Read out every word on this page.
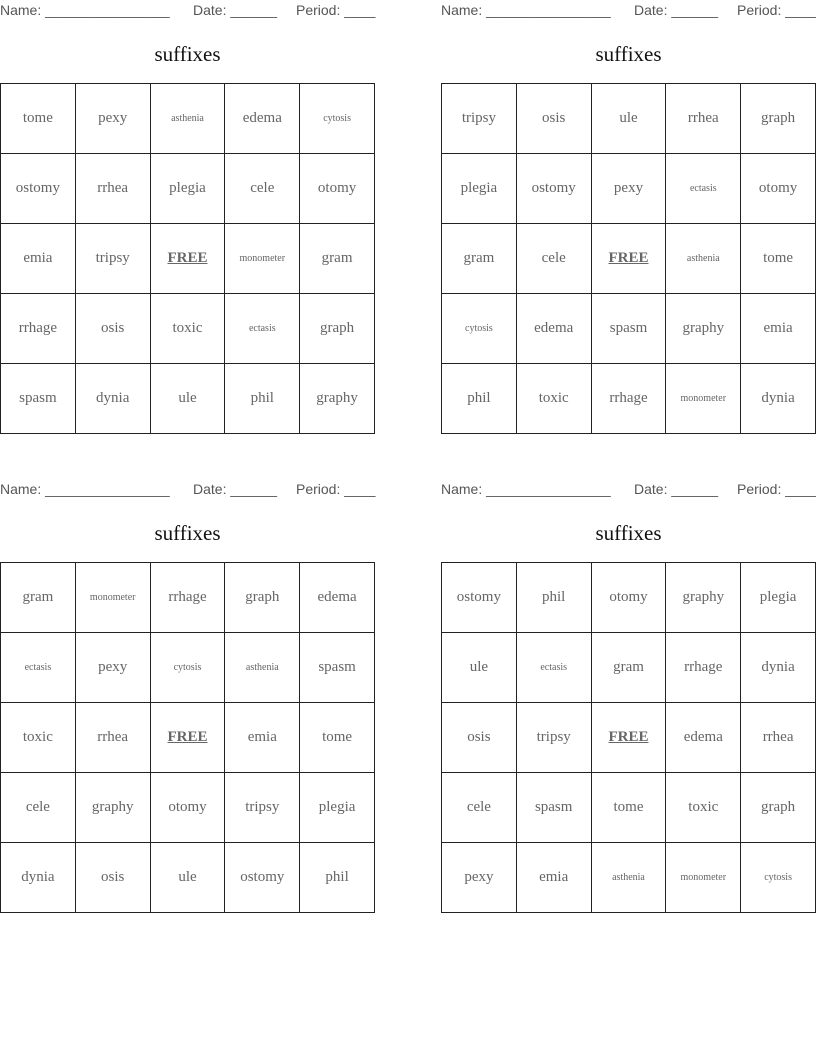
Name: ________________ Date: ______ Period: ____
suffixes
tome	pexy	asthenia	edema	cytosis
ostomy	rrhea	plegia	cele	otomy
emia	tripsy	FREE	monometer	gram
rrhage	osis	toxic	ectasis	graph
spasm	dynia	ule	phil	graphy
Name: ________________ Date: ______ Period: ____
suffixes
tripsy	osis	ule	rrhea	graph
plegia	ostomy	pexy	ectasis	otomy
gram	cele	FREE	asthenia	tome
cytosis	edema	spasm	graphy	emia
phil	toxic	rrhage	monometer	dynia
Name: ________________ Date: ______ Period: ____
suffixes
gram	monometer	rrhage	graph	edema
ectasis	pexy	cytosis	asthenia	spasm
toxic	rrhea	FREE	emia	tome
cele	graphy	otomy	tripsy	plegia
dynia	osis	ule	ostomy	phil
Name: ________________ Date: ______ Period: ____
suffixes
ostomy	phil	otomy	graphy	plegia
ule	ectasis	gram	rrhage	dynia
osis	tripsy	FREE	edema	rrhea
cele	spasm	tome	toxic	graph
pexy	emia	asthenia	monometer	cytosis
